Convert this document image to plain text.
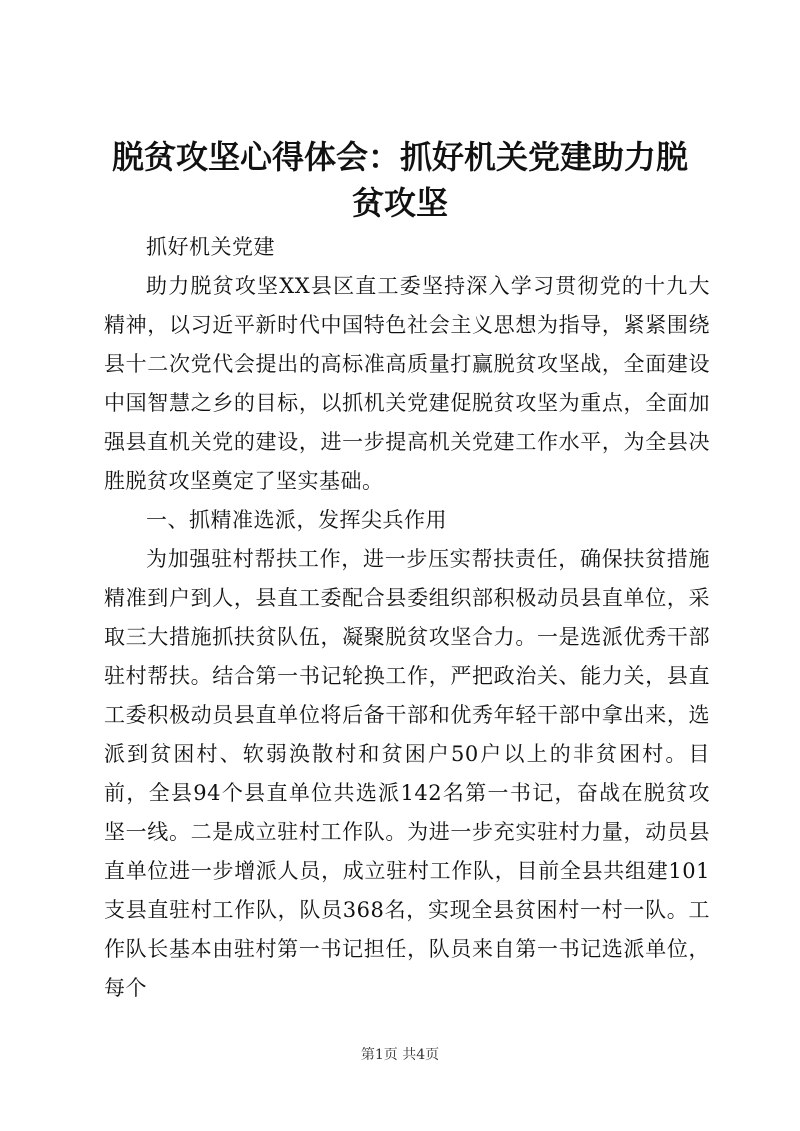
脱贫攻坚心得体会：抓好机关党建助力脱贫攻坚

抓好机关党建

助力脱贫攻坚XX县区直工委坚持深入学习贯彻党的十九大精神，以习近平新时代中国特色社会主义思想为指导，紧紧围绕县十二次党代会提出的高标准高质量打赢脱贫攻坚战，全面建设中国智慧之乡的目标，以抓机关党建促脱贫攻坚为重点，全面加强县直机关党的建设，进一步提高机关党建工作水平，为全县决胜脱贫攻坚奠定了坚实基础。

一、抓精准选派，发挥尖兵作用

为加强驻村帮扶工作，进一步压实帮扶责任，确保扶贫措施精准到户到人，县直工委配合县委组织部积极动员县直单位，采取三大措施抓扶贫队伍，凝聚脱贫攻坚合力。一是选派优秀干部驻村帮扶。结合第一书记轮换工作，严把政治关、能力关，县直工委积极动员县直单位将后备干部和优秀年轻干部中拿出来，选派到贫困村、软弱涣散村和贫困户50户以上的非贫困村。目前，全县94个县直单位共选派142名第一书记，奋战在脱贫攻坚一线。二是成立驻村工作队。为进一步充实驻村力量，动员县直单位进一步增派人员，成立驻村工作队，目前全县共组建101支县直驻村工作队，队员368名，实现全县贫困村一村一队。工作队长基本由驻村第一书记担任，队员来自第一书记选派单位，每个

第1页 共4页
